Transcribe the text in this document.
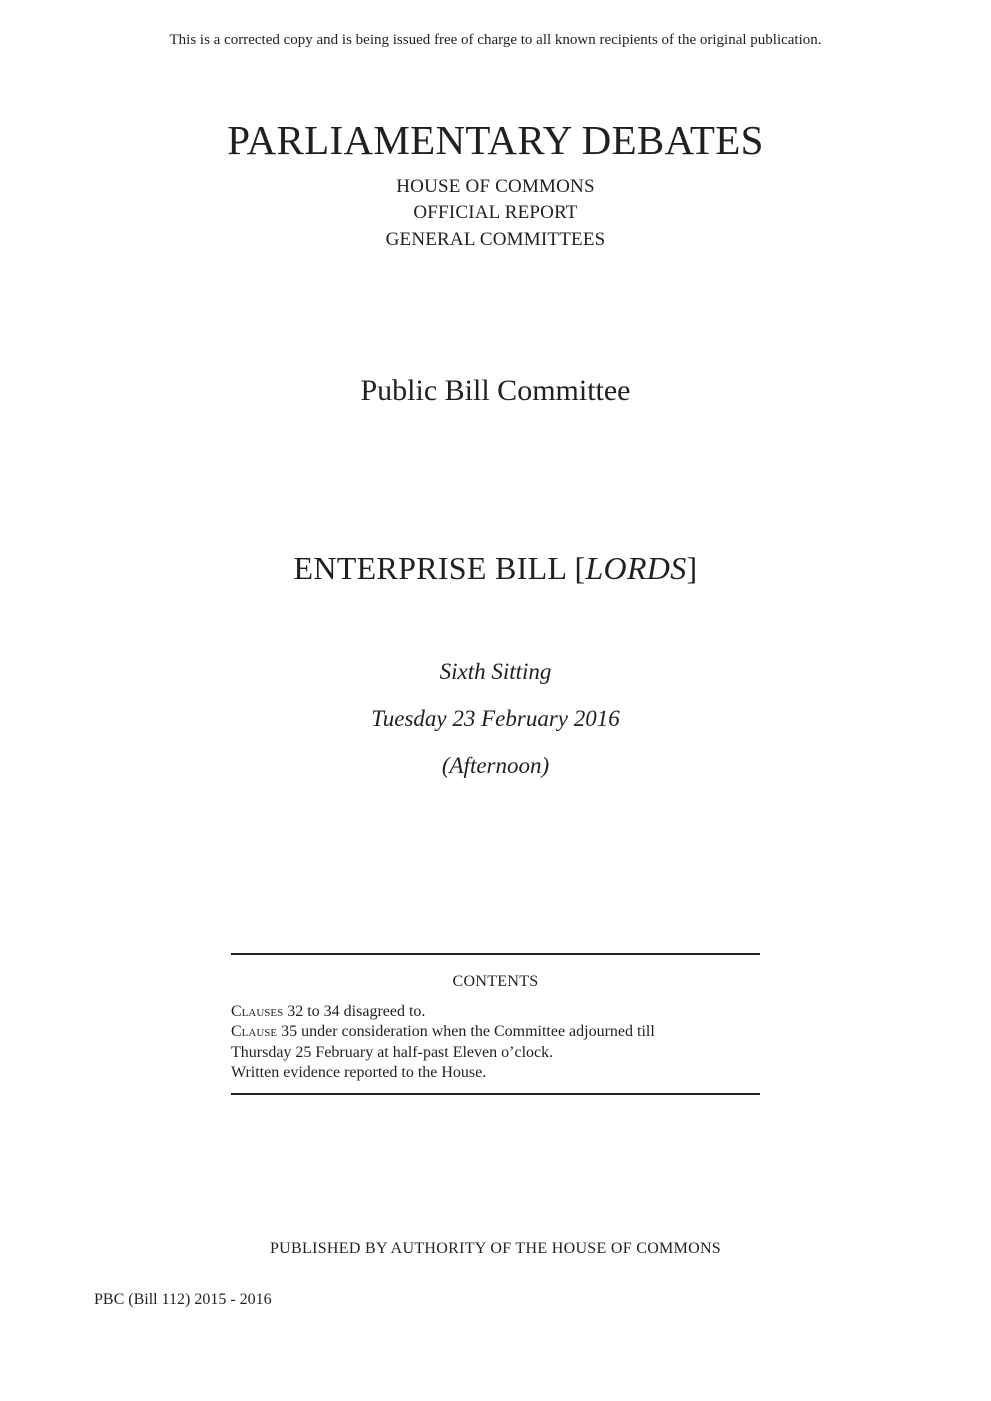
This is a corrected copy and is being issued free of charge to all known recipients of the original publication.
PARLIAMENTARY DEBATES
HOUSE OF COMMONS
OFFICIAL REPORT
GENERAL COMMITTEES
Public Bill Committee
ENTERPRISE BILL [LORDS]
Sixth Sitting
Tuesday 23 February 2016
(Afternoon)
CONTENTS
Clauses 32 to 34 disagreed to.
Clause 35 under consideration when the Committee adjourned till
Thursday 25 February at half-past Eleven o’clock.
Written evidence reported to the House.
PUBLISHED BY AUTHORITY OF THE HOUSE OF COMMONS
PBC (Bill 112) 2015 - 2016
